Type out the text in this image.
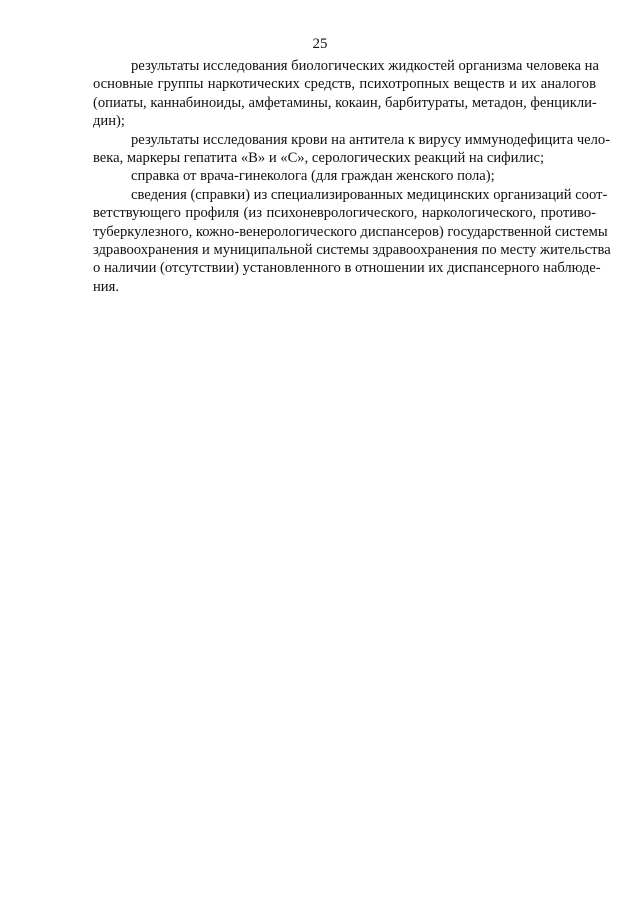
25
результаты исследования биологических жидкостей организма человека на
основные группы наркотических средств, психотропных веществ и их аналогов
(опиаты, каннабиноиды, амфетамины, кокаин, барбитураты, метадон, фенцикли-
дин);
результаты исследования крови на антитела к вирусу иммунодефицита чело-
века, маркеры гепатита «В» и «С», серологических реакций на сифилис;
справка от врача-гинеколога (для граждан женского пола);
сведения (справки) из специализированных медицинских организаций соот-
ветствующего профиля (из психоневрологического, наркологического, противо-
туберкулезного, кожно-венерологического диспансеров) государственной системы
здравоохранения и муниципальной системы здравоохранения по месту жительства
о наличии (отсутствии) установленного в отношении их диспансерного наблюде-
ния.
